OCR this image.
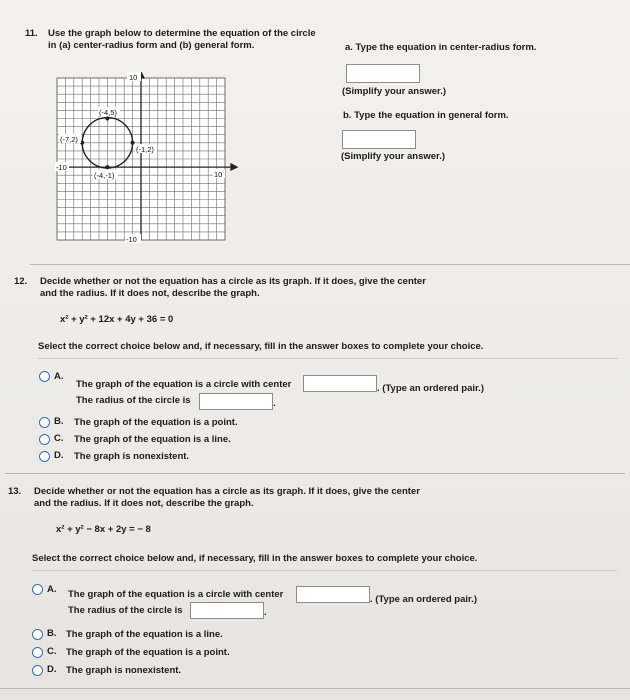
11. Use the graph below to determine the equation of the circle
in (a) center-radius form and (b) general form.	a. Type the equation in center-radius form.
(Simplify your answer.)
b. Type the equation in general form.
(Simplify your answer.)
10
-10
-10
10
(-4,5)
(-7,2)
(-1,2)
(-4,-1)
12. Decide whether or not the equation has a circle as its graph. If it does, give the center
and the radius. If it does not, describe the graph.
x² + y² + 12x + 4y + 36 = 0
Select the correct choice below and, if necessary, fill in the answer boxes to complete your choice.
A.
The graph of the equation is a circle with center	. (Type an ordered pair.)
The radius of the circle is	.
B. The graph of the equation is a point.
C. The graph of the equation is a line.
D. The graph is nonexistent.
13. Decide whether or not the equation has a circle as its graph. If it does, give the center
and the radius. If it does not, describe the graph.
x² + y² − 8x + 2y = − 8
Select the correct choice below and, if necessary, fill in the answer boxes to complete your choice.
A. The graph of the equation is a circle with center	. (Type an ordered pair.)
The radius of the circle is	.
B. The graph of the equation is a line.
C. The graph of the equation is a point.
D. The graph is nonexistent.
